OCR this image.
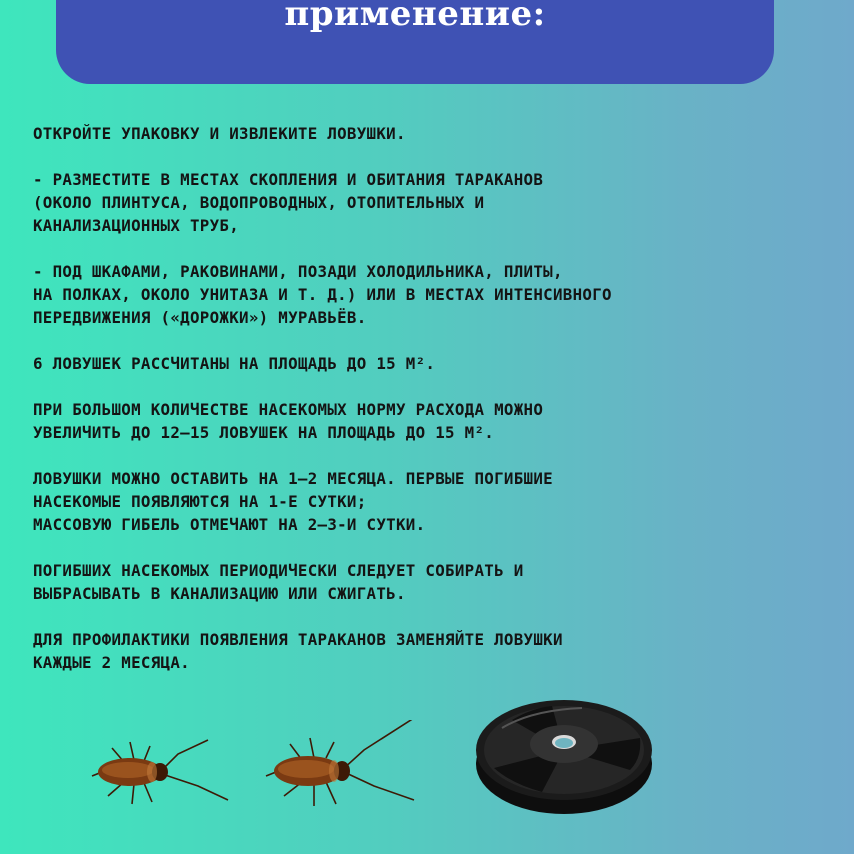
применение:
ОТКРОЙТЕ УПАКОВКУ И ИЗВЛЕКИТЕ ЛОВУШКИ.
- РАЗМЕСТИТЕ В МЕСТАХ СКОПЛЕНИЯ И ОБИТАНИЯ ТАРАКАНОВ
(ОКОЛО ПЛИНТУСА, ВОДОПРОВОДНЫХ, ОТОПИТЕЛЬНЫХ И
КАНАЛИЗАЦИОННЫХ ТРУБ,
- ПОД ШКАФАМИ, РАКОВИНАМИ, ПОЗАДИ ХОЛОДИЛЬНИКА, ПЛИТЫ,
НА ПОЛКАХ, ОКОЛО УНИТАЗА И Т. Д.) ИЛИ В МЕСТАХ ИНТЕНСИВНОГО
ПЕРЕДВИЖЕНИЯ («ДОРОЖКИ») МУРАВЬЁВ.
6 ЛОВУШЕК РАССЧИТАНЫ НА ПЛОЩАДЬ ДО 15 М².
ПРИ БОЛЬШОМ КОЛИЧЕСТВЕ НАСЕКОМЫХ НОРМУ РАСХОДА МОЖНО
УВЕЛИЧИТЬ ДО 12–15 ЛОВУШЕК НА ПЛОЩАДЬ ДО 15 М².
ЛОВУШКИ МОЖНО ОСТАВИТЬ НА 1–2 МЕСЯЦА. ПЕРВЫЕ ПОГИБШИЕ
НАСЕКОМЫЕ ПОЯВЛЯЮТСЯ НА 1-Е СУТКИ;
МАССОВУЮ ГИБЕЛЬ ОТМЕЧАЮТ НА 2–3-И СУТКИ.
ПОГИБШИХ НАСЕКОМЫХ ПЕРИОДИЧЕСКИ СЛЕДУЕТ СОБИРАТЬ И
ВЫБРАСЫВАТЬ В КАНАЛИЗАЦИЮ ИЛИ СЖИГАТЬ.
ДЛЯ ПРОФИЛАКТИКИ ПОЯВЛЕНИЯ ТАРАКАНОВ ЗАМЕНЯЙТЕ ЛОВУШКИ
КАЖДЫЕ 2 МЕСЯЦА.
